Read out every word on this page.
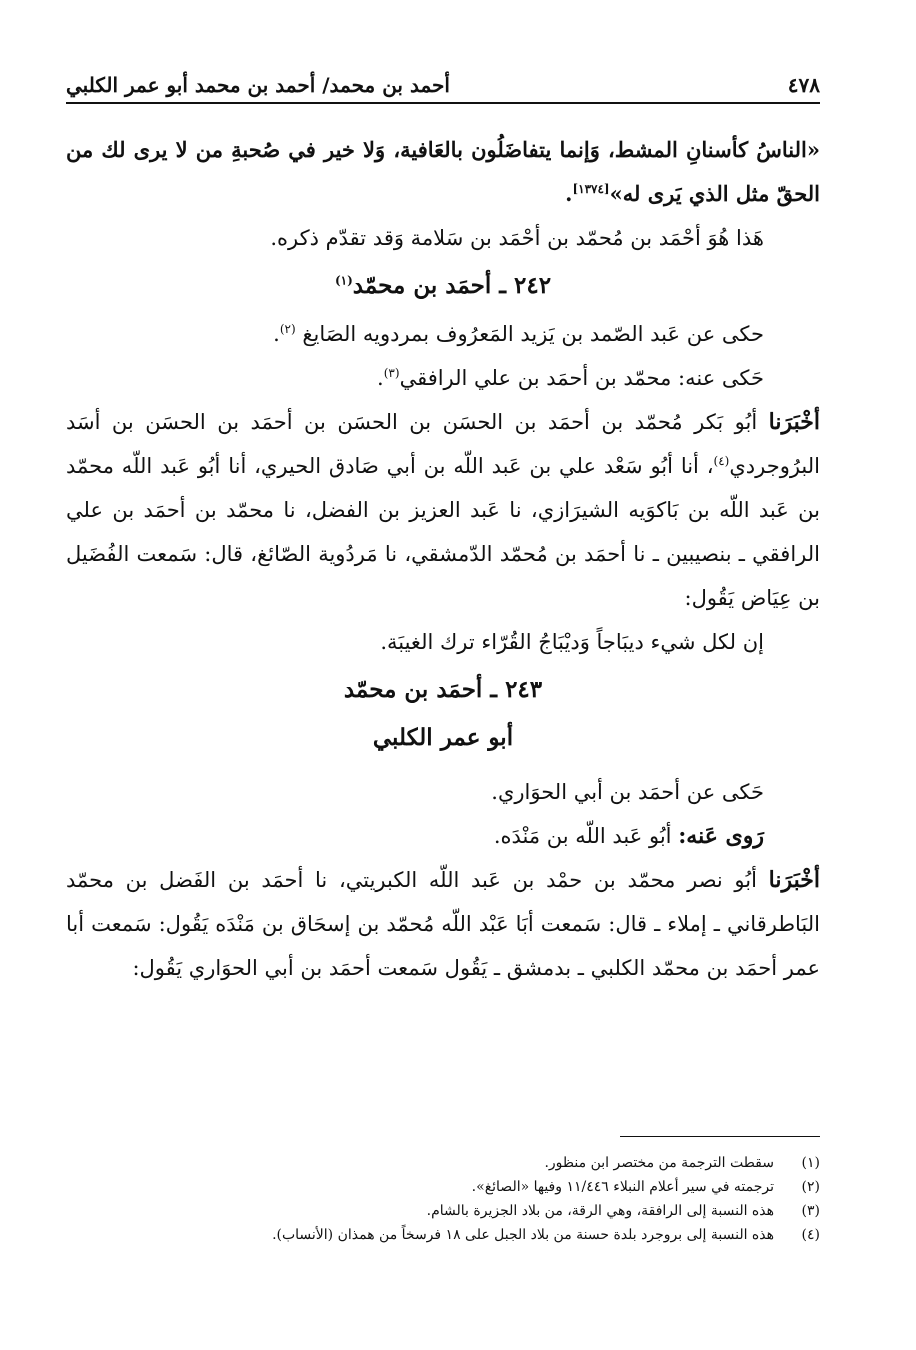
٤٧٨
أحمد بن محمد/ أحمد بن محمد أبو عمر الكلبي

«الناسُ كأسنانِ المشط، وَإنما يتفاضَلُون بالعَافية، وَلا خير في صُحبةِ من لا يرى لك من الحقّ مثل الذي يَرى له»[١٣٧٤].

هَذا هُوَ أحْمَد بن مُحمّد بن أحْمَد بن سَلامة وَقد تقدّم ذكره.

٢٤٢ ـ أحمَد بن محمّد$^{(١)}$

حكى عن عَبد الصّمد بن يَزيد المَعرُوف بمردويه الصَايغ $^{(٢)}$.

حَكى عنه: محمّد بن أحمَد بن علي الرافقي$^{(٣)}$.

أخْبَرَنا أبُو بَكر مُحمّد بن أحمَد بن الحسَن بن الحسَن بن أحمَد بن الحسَن بن أسَد البرُوجردي$^{(٤)}$، أنا أبُو سَعْد علي بن عَبد اللّه بن أبي صَادق الحيري، أنا أبُو عَبد اللّه محمّد بن عَبد اللّه بن بَاكوَيه الشيرَازي، نا عَبد العزيز بن الفضل، نا محمّد بن أحمَد بن علي الرافقي ـ بنصيبين ـ نا أحمَد بن مُحمّد الدّمشقي، نا مَردُوية الصّائغ، قال: سَمعت الفُضَيل بن عِيَاض يَقُول:

إن لكل شيء ديبَاجاً وَديْبَاجُ القُرّاء ترك الغيبَة.

٢٤٣ ـ أحمَد بن محمّد

أبو عمر الكلبي

حَكى عن أحمَد بن أبي الحوَاري.

رَوى عَنه: أبُو عَبد اللّه بن مَنْدَه.

أخْبَرَنا أبُو نصر محمّد بن حمْد بن عَبد اللّه الكبريتي، نا أحمَد بن الفَضل بن محمّد البَاطرقاني ـ إملاء ـ قال: سَمعت أبَا عَبْد اللّه مُحمّد بن إسحَاق بن مَنْدَه يَقُول: سَمعت أبا عمر أحمَد بن محمّد الكلبي ـ بدمشق ـ يَقُول سَمعت أحمَد بن أبي الحوَاري يَقُول:

(١)
سقطت الترجمة من مختصر ابن منظور.
(٢)
ترجمته في سير أعلام النبلاء ١١/٤٤٦ وفيها «الصائغ».
(٣)
هذه النسبة إلى الرافقة، وهي الرقة، من بلاد الجزيرة بالشام.
(٤)
هذه النسبة إلى بروجرد بلدة حسنة من بلاد الجبل على ١٨ فرسخاً من همذان (الأنساب).
